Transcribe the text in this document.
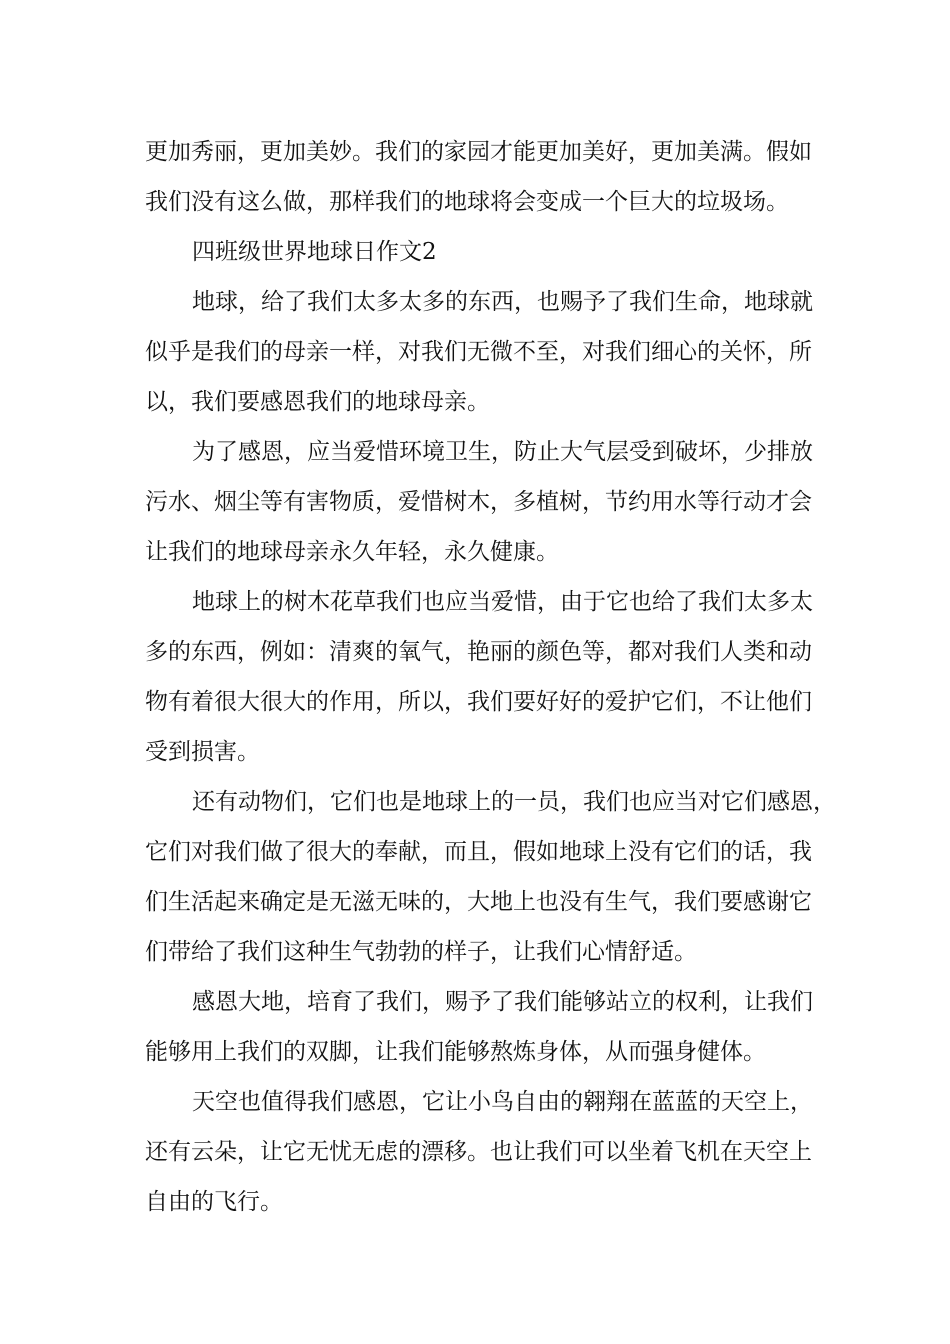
更加秀丽，更加美妙。我们的家园才能更加美好，更加美满。假如
我们没有这么做，那样我们的地球将会变成一个巨大的垃圾场。
四班级世界地球日作文2
地球，给了我们太多太多的东西，也赐予了我们生命，地球就
似乎是我们的母亲一样，对我们无微不至，对我们细心的关怀，所
以，我们要感恩我们的地球母亲。
为了感恩，应当爱惜环境卫生，防止大气层受到破坏，少排放
污水、烟尘等有害物质，爱惜树木，多植树，节约用水等行动才会
让我们的地球母亲永久年轻，永久健康。
地球上的树木花草我们也应当爱惜，由于它也给了我们太多太
多的东西，例如：清爽的氧气，艳丽的颜色等，都对我们人类和动
物有着很大很大的作用，所以，我们要好好的爱护它们，不让他们
受到损害。
还有动物们，它们也是地球上的一员，我们也应当对它们感恩，
它们对我们做了很大的奉献，而且，假如地球上没有它们的话，我
们生活起来确定是无滋无味的，大地上也没有生气，我们要感谢它
们带给了我们这种生气勃勃的样子，让我们心情舒适。
感恩大地，培育了我们，赐予了我们能够站立的权利，让我们
能够用上我们的双脚，让我们能够熬炼身体，从而强身健体。
天空也值得我们感恩，它让小鸟自由的翱翔在蓝蓝的天空上，
还有云朵，让它无忧无虑的漂移。也让我们可以坐着飞机在天空上
自由的飞行。
